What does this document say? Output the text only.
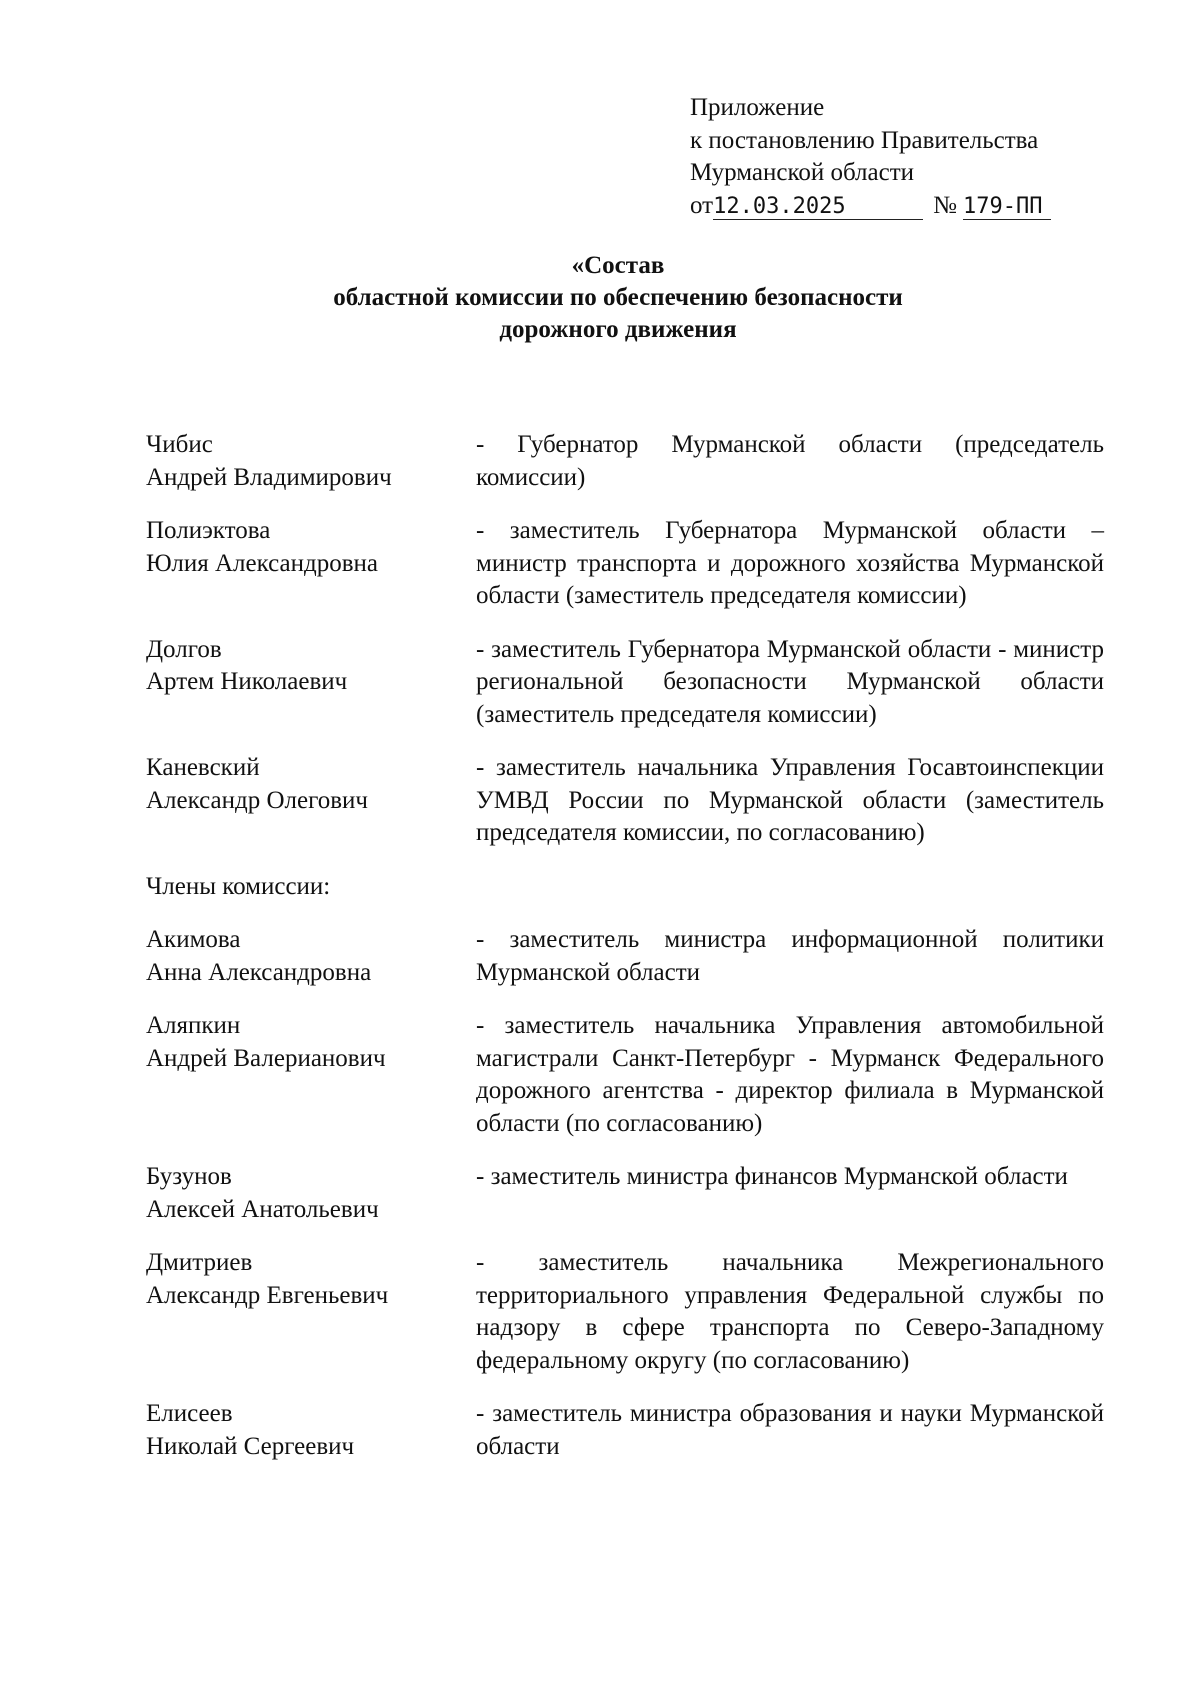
Приложение
к постановлению Правительства
Мурманской области
от 12.03.2025	№ 179-ПП
«Состав
областной комиссии по обеспечению безопасности
дорожного движения
Чибис
Андрей Владимирович
- Губернатор Мурманской области (председатель комиссии)
Полиэктова
Юлия Александровна
- заместитель Губернатора Мурманской области – министр транспорта и дорожного хозяйства Мурманской области (заместитель председателя комиссии)
Долгов
Артем Николаевич
- заместитель Губернатора Мурманской области - министр региональной безопасности Мурманской области (заместитель председателя комиссии)
Каневский
Александр Олегович
- заместитель начальника Управления Госавтоинспекции УМВД России по Мурманской области (заместитель председателя комиссии, по согласованию)
Члены комиссии:
Акимова
Анна Александровна
- заместитель министра информационной политики Мурманской области
Аляпкин
Андрей Валерианович
- заместитель начальника Управления автомобильной магистрали Санкт-Петербург - Мурманск Федерального дорожного агентства - директор филиала в Мурманской области (по согласованию)
Бузунов
Алексей Анатольевич
- заместитель министра финансов Мурманской области
Дмитриев
Александр Евгеньевич
- заместитель начальника Межрегионального территориального управления Федеральной службы по надзору в сфере транспорта по Северо-Западному федеральному округу (по согласованию)
Елисеев
Николай Сергеевич
- заместитель министра образования и науки Мурманской области
